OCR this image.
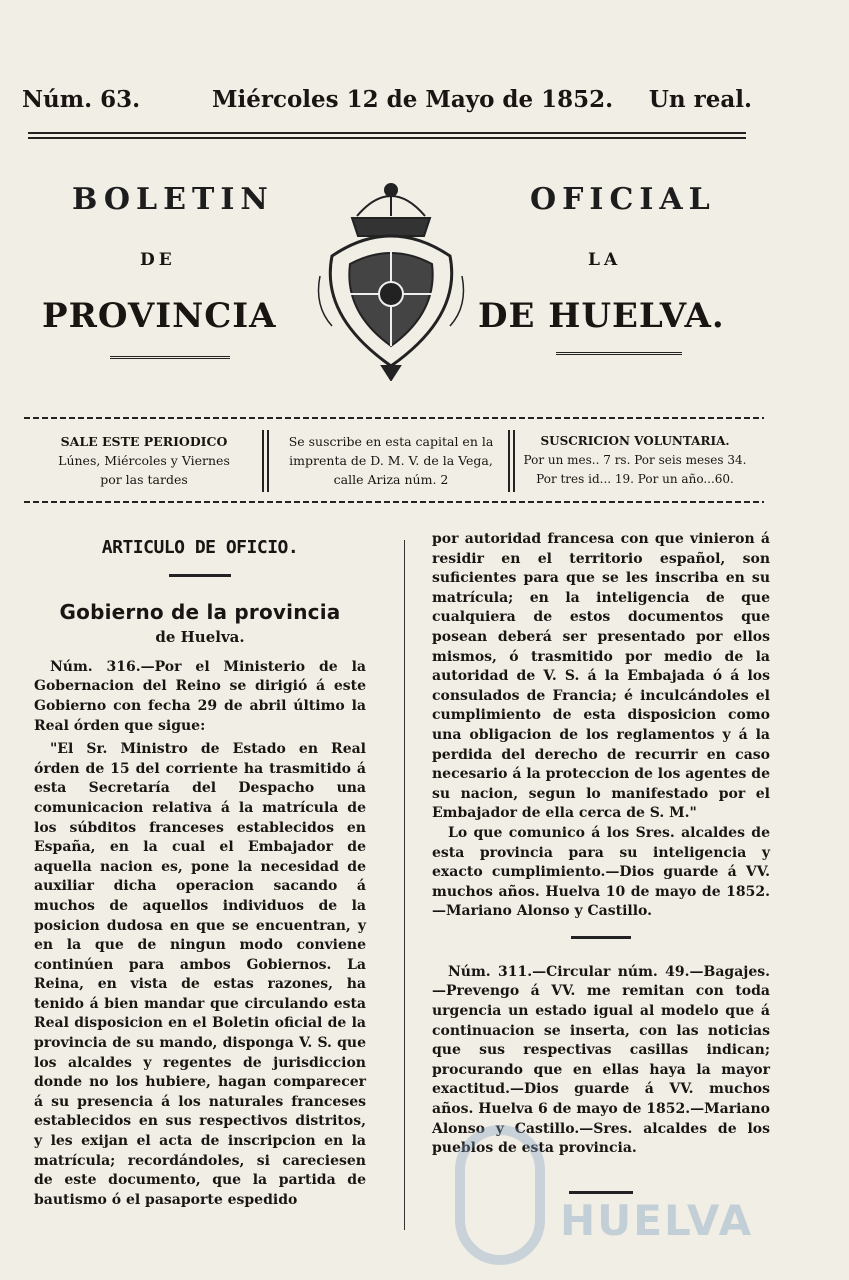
Núm. 63.	Miércoles 12 de Mayo de 1852. Un real.
BOLETIN	OFICIAL
DE	LA
PROVINCIA	DE HUELVA.
SALE ESTE PERIODICO
Lúnes, Miércoles y Viernes
por las tardes
Se suscribe en esta capital en la
imprenta de D. M. V. de la Vega,
calle Ariza núm. 2
SUSCRICION VOLUNTARIA.
Por un mes.. 7 rs. Por seis meses 34.
Por tres id... 19. Por un año...60.
ARTICULO DE OFICIO.
Gobierno de la provincia
de Huelva.

Núm. 316.—Por el Ministerio de la Gobernacion del Reino se dirigió á este Gobierno con fecha 29 de abril último la Real órden que sigue:

"El Sr. Ministro de Estado en Real órden de 15 del corriente ha trasmitido á esta Secretaría del Despacho una comunicacion relativa á la matrícula de los súbditos franceses establecidos en España, en la cual el Embajador de aquella nacion es, pone la necesidad de auxiliar dicha operacion sacando á muchos de aquellos individuos de la posicion dudosa en que se encuentran, y en la que de ningun modo conviene continúen para ambos Gobiernos. La Reina, en vista de estas razones, ha tenido á bien mandar que circulando esta Real disposicion en el Boletin oficial de la provincia de su mando, disponga V. S. que los alcaldes y regentes de jurisdiccion donde no los hubiere, hagan comparecer á su presencia á los naturales franceses establecidos en sus respectivos distritos, y les exijan el acta de inscripcion en la matrícula; recordándoles, si careciesen de este documento, que la partida de bautismo ó el pasaporte espedido

por autoridad francesa con que vinieron á residir en el territorio español, son suficientes para que se les inscriba en su matrícula; en la inteligencia de que cualquiera de estos documentos que posean deberá ser presentado por ellos mismos, ó trasmitido por medio de la autoridad de V. S. á la Embajada ó á los consulados de Francia; é inculcándoles el cumplimiento de esta disposicion como una obligacion de los reglamentos y á la perdida del derecho de recurrir en caso necesario á la proteccion de los agentes de su nacion, segun lo manifestado por el Embajador de ella cerca de S. M."

Lo que comunico á los Sres. alcaldes de esta provincia para su inteligencia y exacto cumplimiento.—Dios guarde á VV. muchos años. Huelva 10 de mayo de 1852.—Mariano Alonso y Castillo.

Núm. 311.—Circular núm. 49.—Bagajes.—Prevengo á VV. me remitan con toda urgencia un estado igual al modelo que á continuacion se inserta, con las noticias que sus respectivas casillas indican; procurando que en ellas haya la mayor exactitud.—Dios guarde á VV. muchos años. Huelva 6 de mayo de 1852.—Mariano Alonso y Castillo.—Sres. alcaldes de los pueblos de esta provincia.

HUELVA
